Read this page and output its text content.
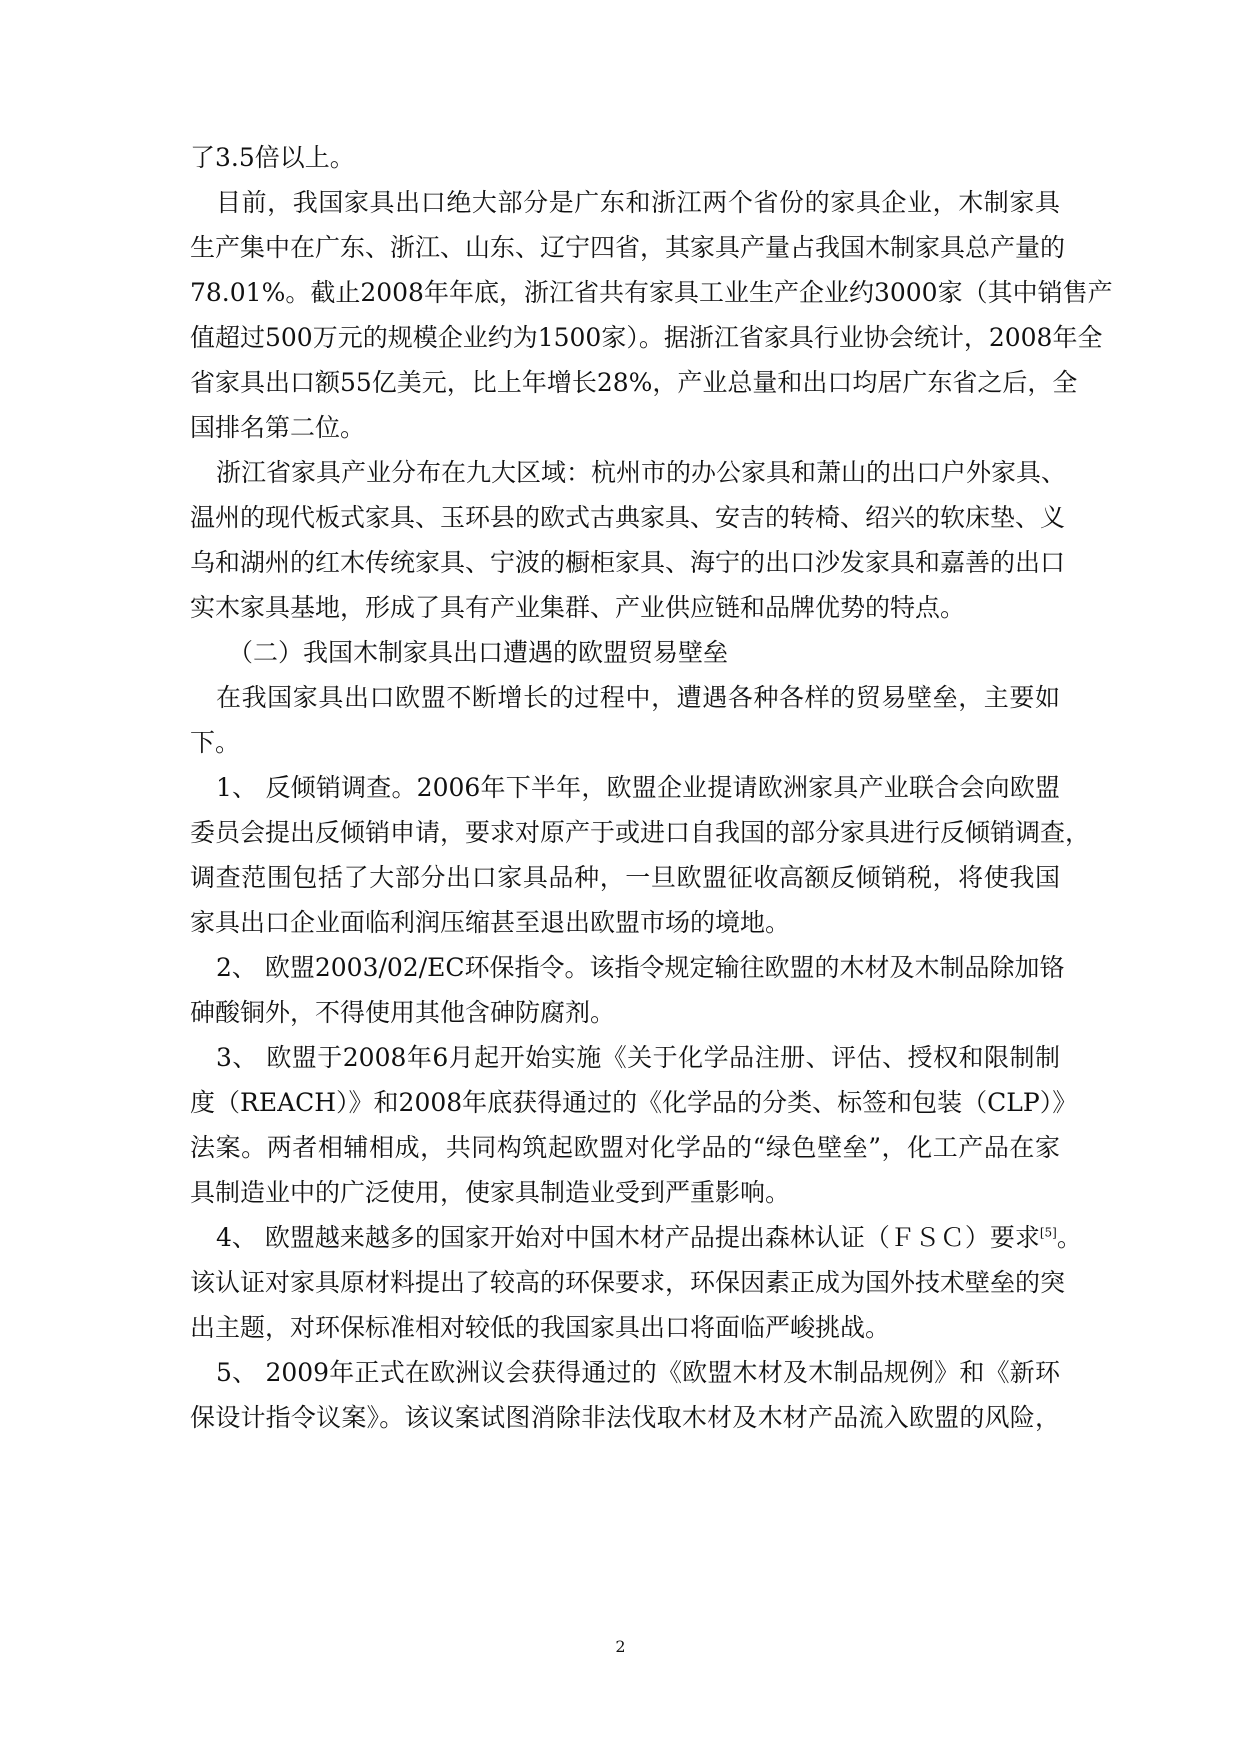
了3.5倍以上。
目前，我国家具出口绝大部分是广东和浙江两个省份的家具企业，木制家具
生产集中在广东、浙江、山东、辽宁四省，其家具产量占我国木制家具总产量的
78.01%。截止2008年年底，浙江省共有家具工业生产企业约3000家（其中销售产
值超过500万元的规模企业约为1500家）。据浙江省家具行业协会统计，2008年全
省家具出口额55亿美元，比上年增长28%，产业总量和出口均居广东省之后，全
国排名第二位。
浙江省家具产业分布在九大区域：杭州市的办公家具和萧山的出口户外家具、
温州的现代板式家具、玉环县的欧式古典家具、安吉的转椅、绍兴的软床垫、义
乌和湖州的红木传统家具、宁波的橱柜家具、海宁的出口沙发家具和嘉善的出口
实木家具基地，形成了具有产业集群、产业供应链和品牌优势的特点。
（二）我国木制家具出口遭遇的欧盟贸易壁垒
在我国家具出口欧盟不断增长的过程中，遭遇各种各样的贸易壁垒，主要如
下。
1、 反倾销调查。2006年下半年，欧盟企业提请欧洲家具产业联合会向欧盟
委员会提出反倾销申请，要求对原产于或进口自我国的部分家具进行反倾销调查，
调查范围包括了大部分出口家具品种，一旦欧盟征收高额反倾销税，将使我国
家具出口企业面临利润压缩甚至退出欧盟市场的境地。
2、 欧盟2003/02/EC环保指令。该指令规定输往欧盟的木材及木制品除加铬
砷酸铜外，不得使用其他含砷防腐剂。
3、 欧盟于2008年6月起开始实施《关于化学品注册、评估、授权和限制制
度（REACH）》和2008年底获得通过的《化学品的分类、标签和包装（CLP）》
法案。两者相辅相成，共同构筑起欧盟对化学品的“绿色壁垒”，化工产品在家
具制造业中的广泛使用，使家具制造业受到严重影响。
4、 欧盟越来越多的国家开始对中国木材产品提出森林认证（ＦＳＣ）要求[5]。
该认证对家具原材料提出了较高的环保要求，环保因素正成为国外技术壁垒的突
出主题，对环保标准相对较低的我国家具出口将面临严峻挑战。
5、 2009年正式在欧洲议会获得通过的《欧盟木材及木制品规例》和《新环
保设计指令议案》。该议案试图消除非法伐取木材及木材产品流入欧盟的风险，
2
